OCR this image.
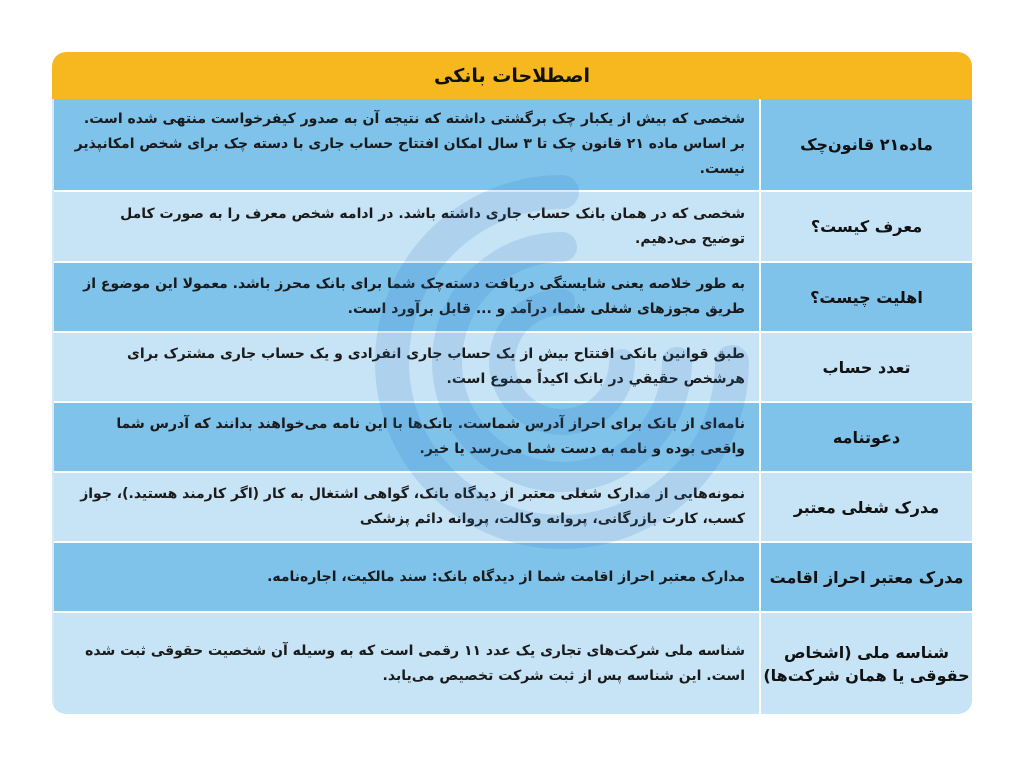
اصطلاحات بانکی
شخصی که بیش از یکبار چک برگشتی داشته که نتیجه آن به صدور کیفرخواست منتهی شده است. بر اساس ماده ۲۱ قانون چک تا ۳ سال امکان افتتاح حساب جاری با دسته چک برای شخص امکانپذیر نیست.
ماده۲۱ قانون‌چک
شخصی که در همان بانک حساب جاری داشته باشد. در ادامه شخص معرف را به صورت کامل توضیح می‌دهیم.
معرف کیست؟
به طور خلاصه یعنی شایستگی دریافت دسته‌چک شما برای بانک محرز باشد. معمولا این موضوع از طریق مجوزهای شغلی شما، درآمد و ... قابل برآورد است.
اهلیت چیست؟
طبق قوانین بانکی افتتاح بیش از یک حساب جاری انفرادی و یک حساب جاری مشترک برای هرشخص حقیقي در بانک اکیداً ممنوع است.
تعدد حساب
نامه‌ای از بانک برای احراز آدرس شماست. بانک‌ها با این نامه می‌خواهند بدانند که آدرس شما واقعی بوده و نامه به دست شما می‌رسد یا خیر.
دعوتنامه
نمونه‌هایی از مدارک شغلی معتبر از دیدگاه بانک، گواهی اشتغال به کار (اگر کارمند هستید.)، جواز کسب، کارت بازرگانی، پروانه وکالت، پروانه دائم پزشکی
مدرک شغلی معتبر
مدارک معتبر احراز اقامت شما از دیدگاه بانک: سند مالکیت، اجاره‌نامه.	مدرک معتبر احراز اقامت
شناسه ملی شرکت‌های تجاری یک عدد ۱۱ رقمی است که به وسیله آن شخصیت حقوقی ثبت شده است. این شناسه پس از ثبت شرکت تخصیص می‌یابد.
شناسه ملی (اشخاص حقوقی یا همان شرکت‌ها)
